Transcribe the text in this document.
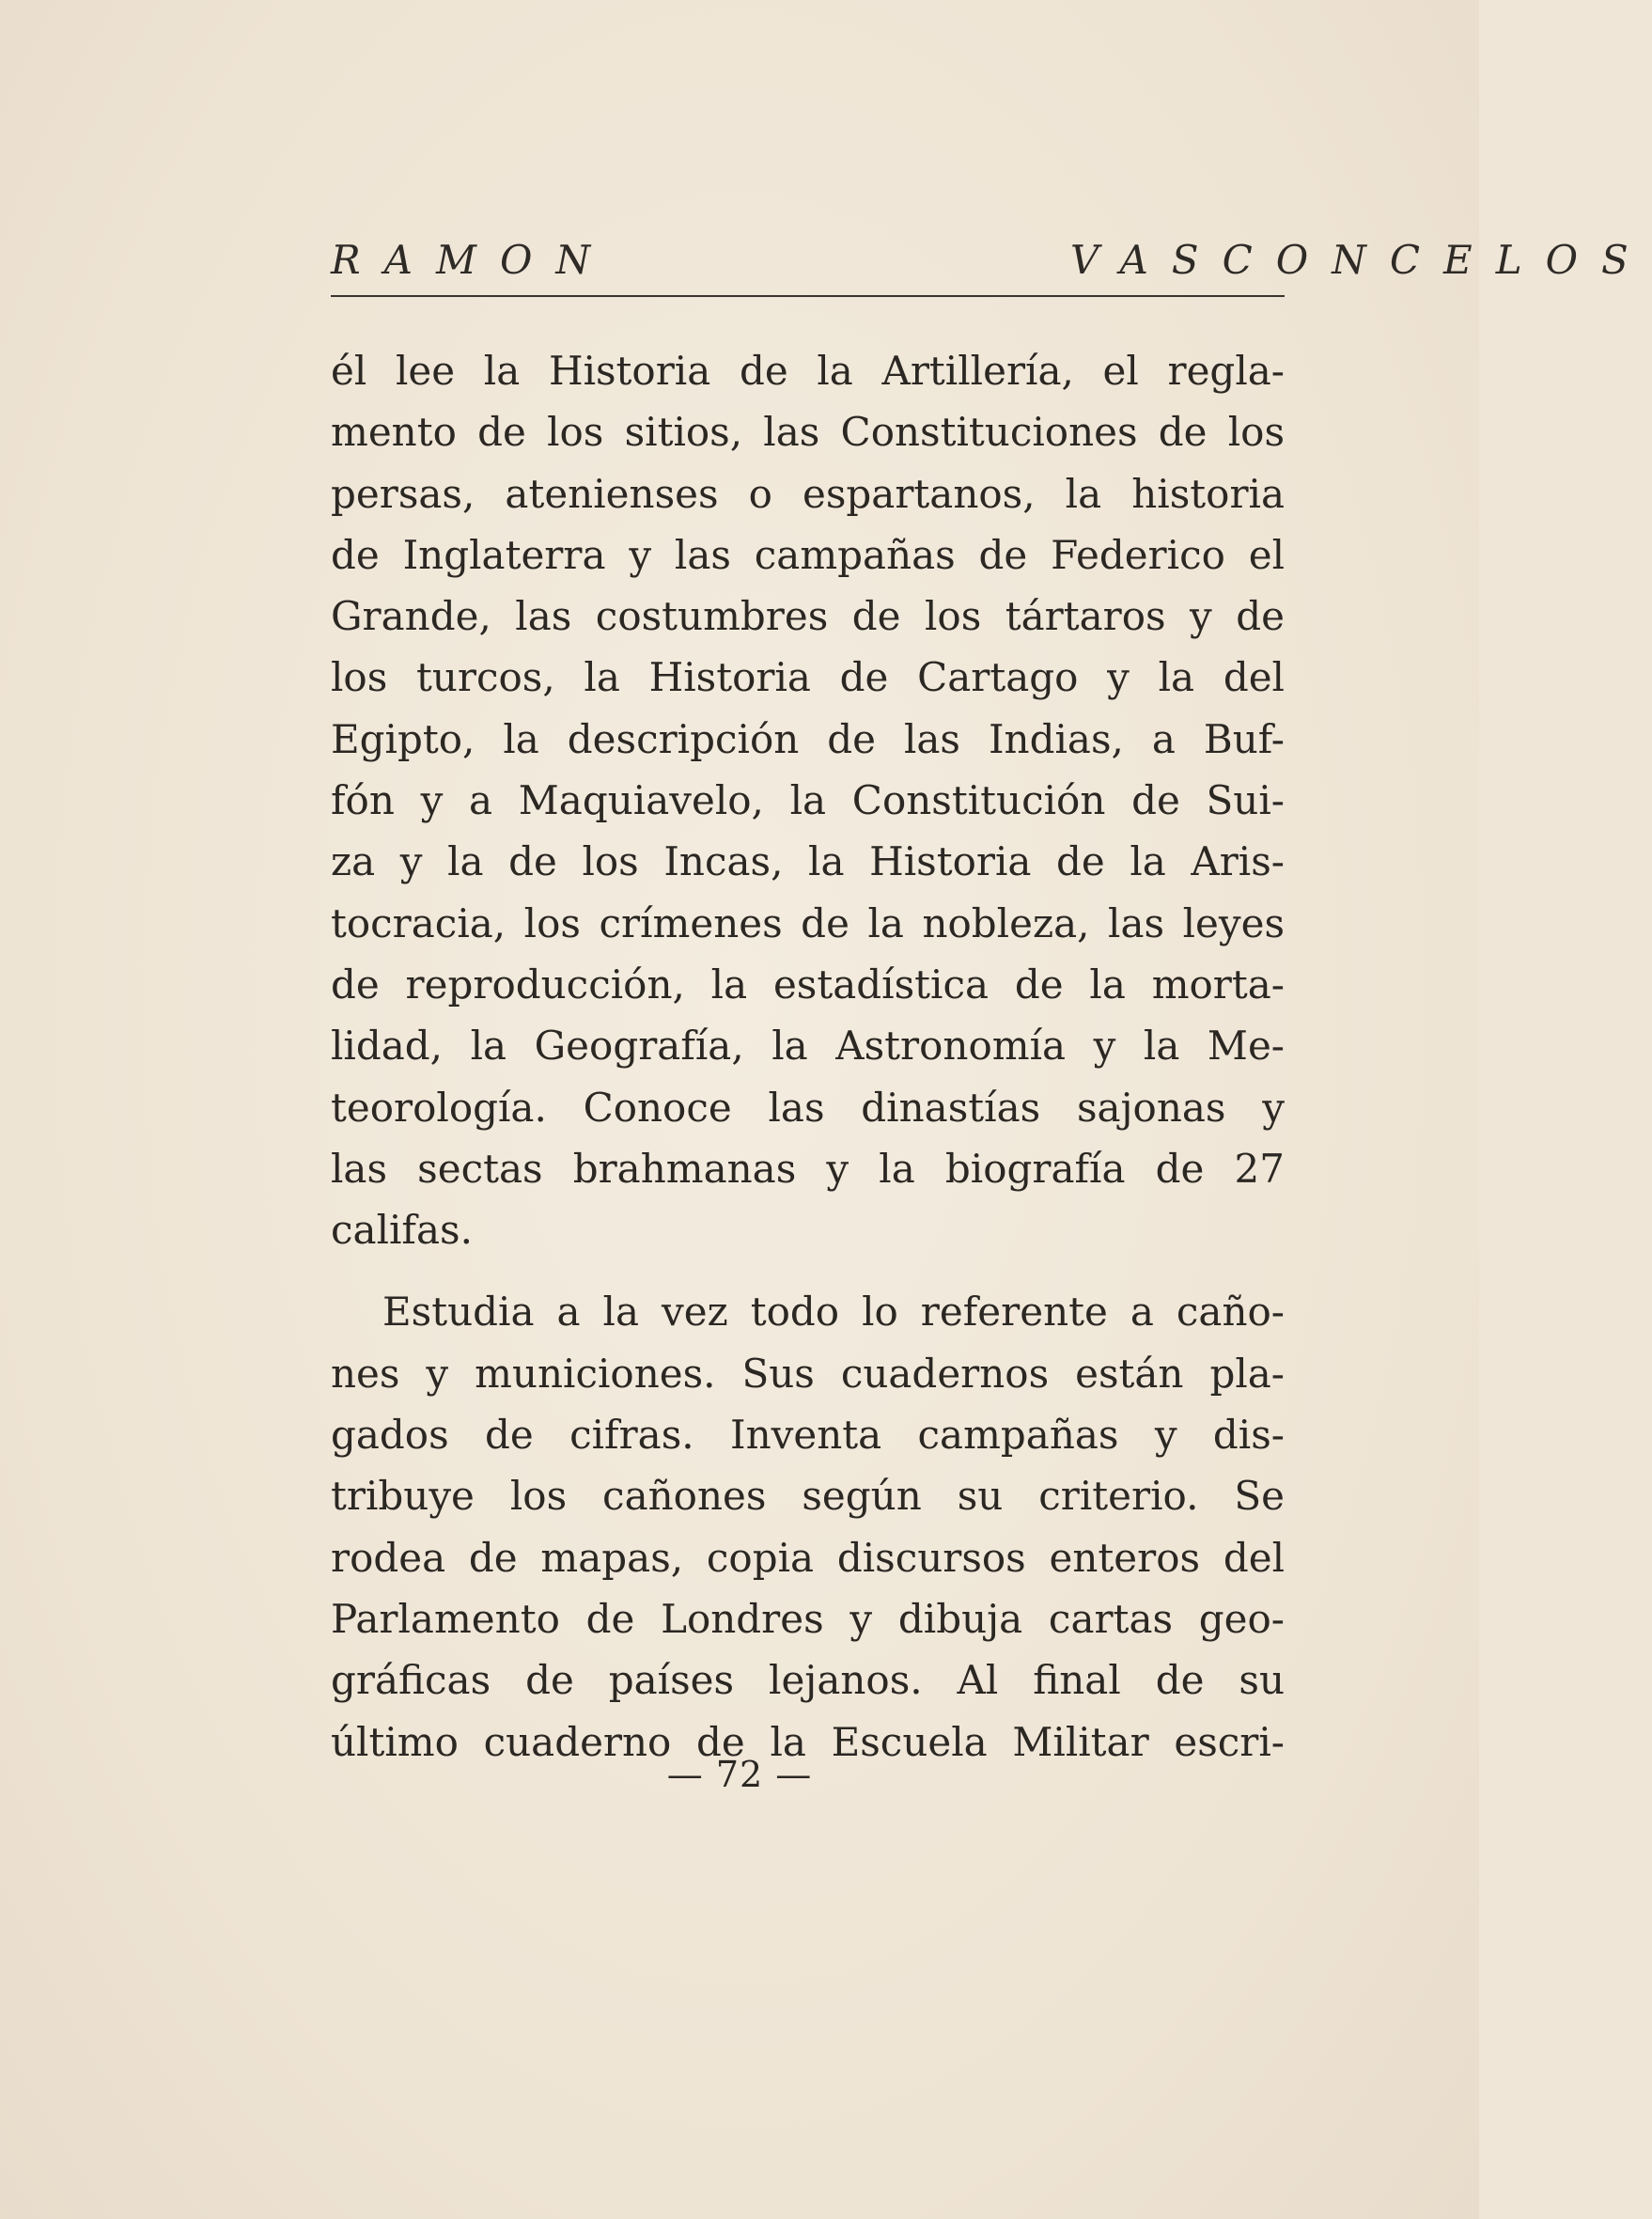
RAMON	VASCONCELOS
él lee la Historia de la Artillería, el regla-
mento de los sitios, las Constituciones de los
persas, atenienses o espartanos, la historia
de Inglaterra y las campañas de Federico el
Grande, las costumbres de los tártaros y de
los turcos, la Historia de Cartago y la del
Egipto, la descripción de las Indias, a Buf-
fón y a Maquiavelo, la Constitución de Sui-
za y la de los Incas, la Historia de la Aris-
tocracia, los crímenes de la nobleza, las leyes
de reproducción, la estadística de la morta-
lidad, la Geografía, la Astronomía y la Me-
teorología. Conoce las dinastías sajonas y
las sectas brahmanas y la biografía de 27
califas.
Estudia a la vez todo lo referente a caño-
nes y municiones. Sus cuadernos están pla-
gados de cifras. Inventa campañas y dis-
tribuye los cañones según su criterio. Se
rodea de mapas, copia discursos enteros del
Parlamento de Londres y dibuja cartas geo-
gráficas de países lejanos. Al final de su
último cuaderno de la Escuela Militar escri-
— 72 —
